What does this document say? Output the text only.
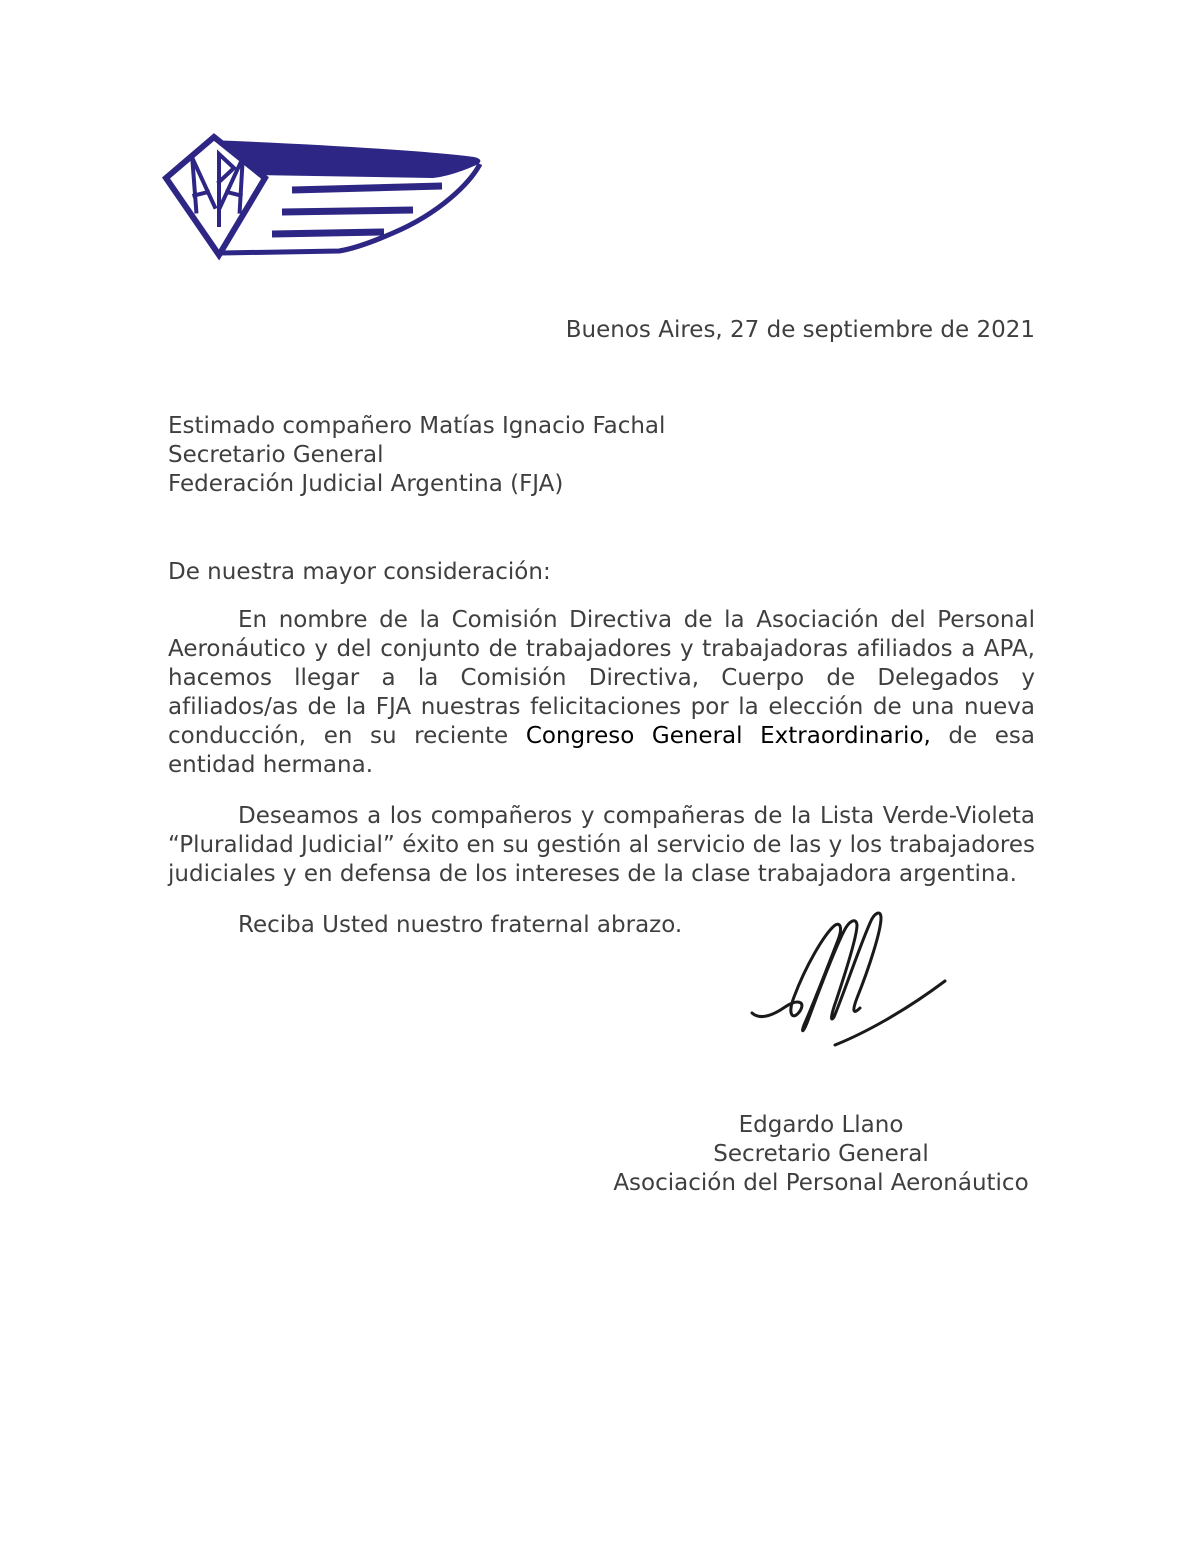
Buenos Aires, 27 de septiembre de 2021

Estimado compañero Matías Ignacio Fachal

Secretario General

Federación Judicial Argentina (FJA)

De nuestra mayor consideración:

En nombre de la Comisión Directiva de la Asociación del Personal Aeronáutico y del conjunto de trabajadores y trabajadoras afiliados a APA, hacemos llegar a la Comisión Directiva, Cuerpo de Delegados y afiliados/as de la FJA nuestras felicitaciones por la elección de una nueva conducción, en su reciente Congreso General Extraordinario, de esa entidad hermana.

Deseamos a los compañeros y compañeras de la Lista Verde-Violeta “Pluralidad Judicial” éxito en su gestión al servicio de las y los trabajadores judiciales y en defensa de los intereses de la clase trabajadora argentina.

Reciba Usted nuestro fraternal abrazo.

Edgardo Llano

Secretario General

Asociación del Personal Aeronáutico
